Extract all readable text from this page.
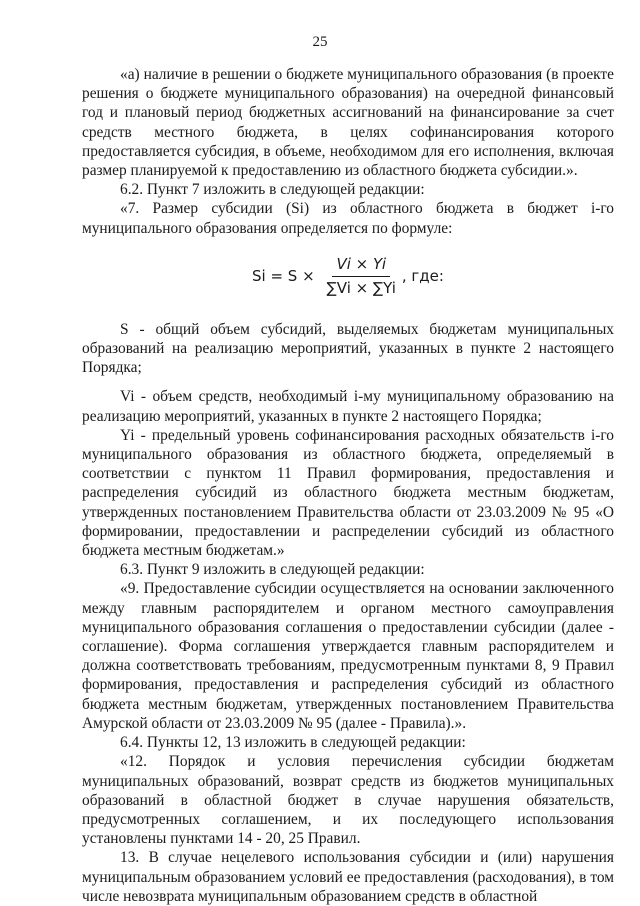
25

«а) наличие в решении о бюджете муниципального образования (в проекте решения о бюджете муниципального образования) на очередной финансовый год и плановый период бюджетных ассигнований на финансирование за счет средств местного бюджета, в целях софинансирования которого предоставляется субсидия, в объеме, необходимом для его исполнения, включая размер планируемой к предоставлению из областного бюджета субсидии.».

6.2. Пункт 7 изложить в следующей редакции:

«7. Размер субсидии (Si) из областного бюджета в бюджет i-го муниципального образования определяется по формуле:

$Si = S \times \frac{Vi \times Yi}{\sum Vi \times \sum Yi}$ , где:

S - общий объем субсидий, выделяемых бюджетам муниципальных образований на реализацию мероприятий, указанных в пункте 2 настоящего Порядка;

Vi - объем средств, необходимый i-му муниципальному образованию на реализацию мероприятий, указанных в пункте 2 настоящего Порядка;

Yi - предельный уровень софинансирования расходных обязательств i-го муниципального образования из областного бюджета, определяемый в соответствии с пунктом 11 Правил формирования, предоставления и распределения субсидий из областного бюджета местным бюджетам, утвержденных постановлением Правительства области от 23.03.2009 № 95 «О формировании, предоставлении и распределении субсидий из областного бюджета местным бюджетам.»

6.3. Пункт 9 изложить в следующей редакции:

«9. Предоставление субсидии осуществляется на основании заключенного между главным распорядителем и органом местного самоуправления муниципального образования соглашения о предоставлении субсидии (далее - соглашение). Форма соглашения утверждается главным распорядителем и должна соответствовать требованиям, предусмотренным пунктами 8, 9 Правил формирования, предоставления и распределения субсидий из областного бюджета местным бюджетам, утвержденных постановлением Правительства Амурской области от 23.03.2009 № 95 (далее - Правила).».

6.4. Пункты 12, 13 изложить в следующей редакции:

«12. Порядок и условия перечисления субсидии бюджетам муниципальных образований, возврат средств из бюджетов муниципальных образований в областной бюджет в случае нарушения обязательств, предусмотренных соглашением, и их последующего использования установлены пунктами 14 - 20, 25 Правил.

13. В случае нецелевого использования субсидии и (или) нарушения муниципальным образованием условий ее предоставления (расходования), в том числе невозврата муниципальным образованием средств в областной
